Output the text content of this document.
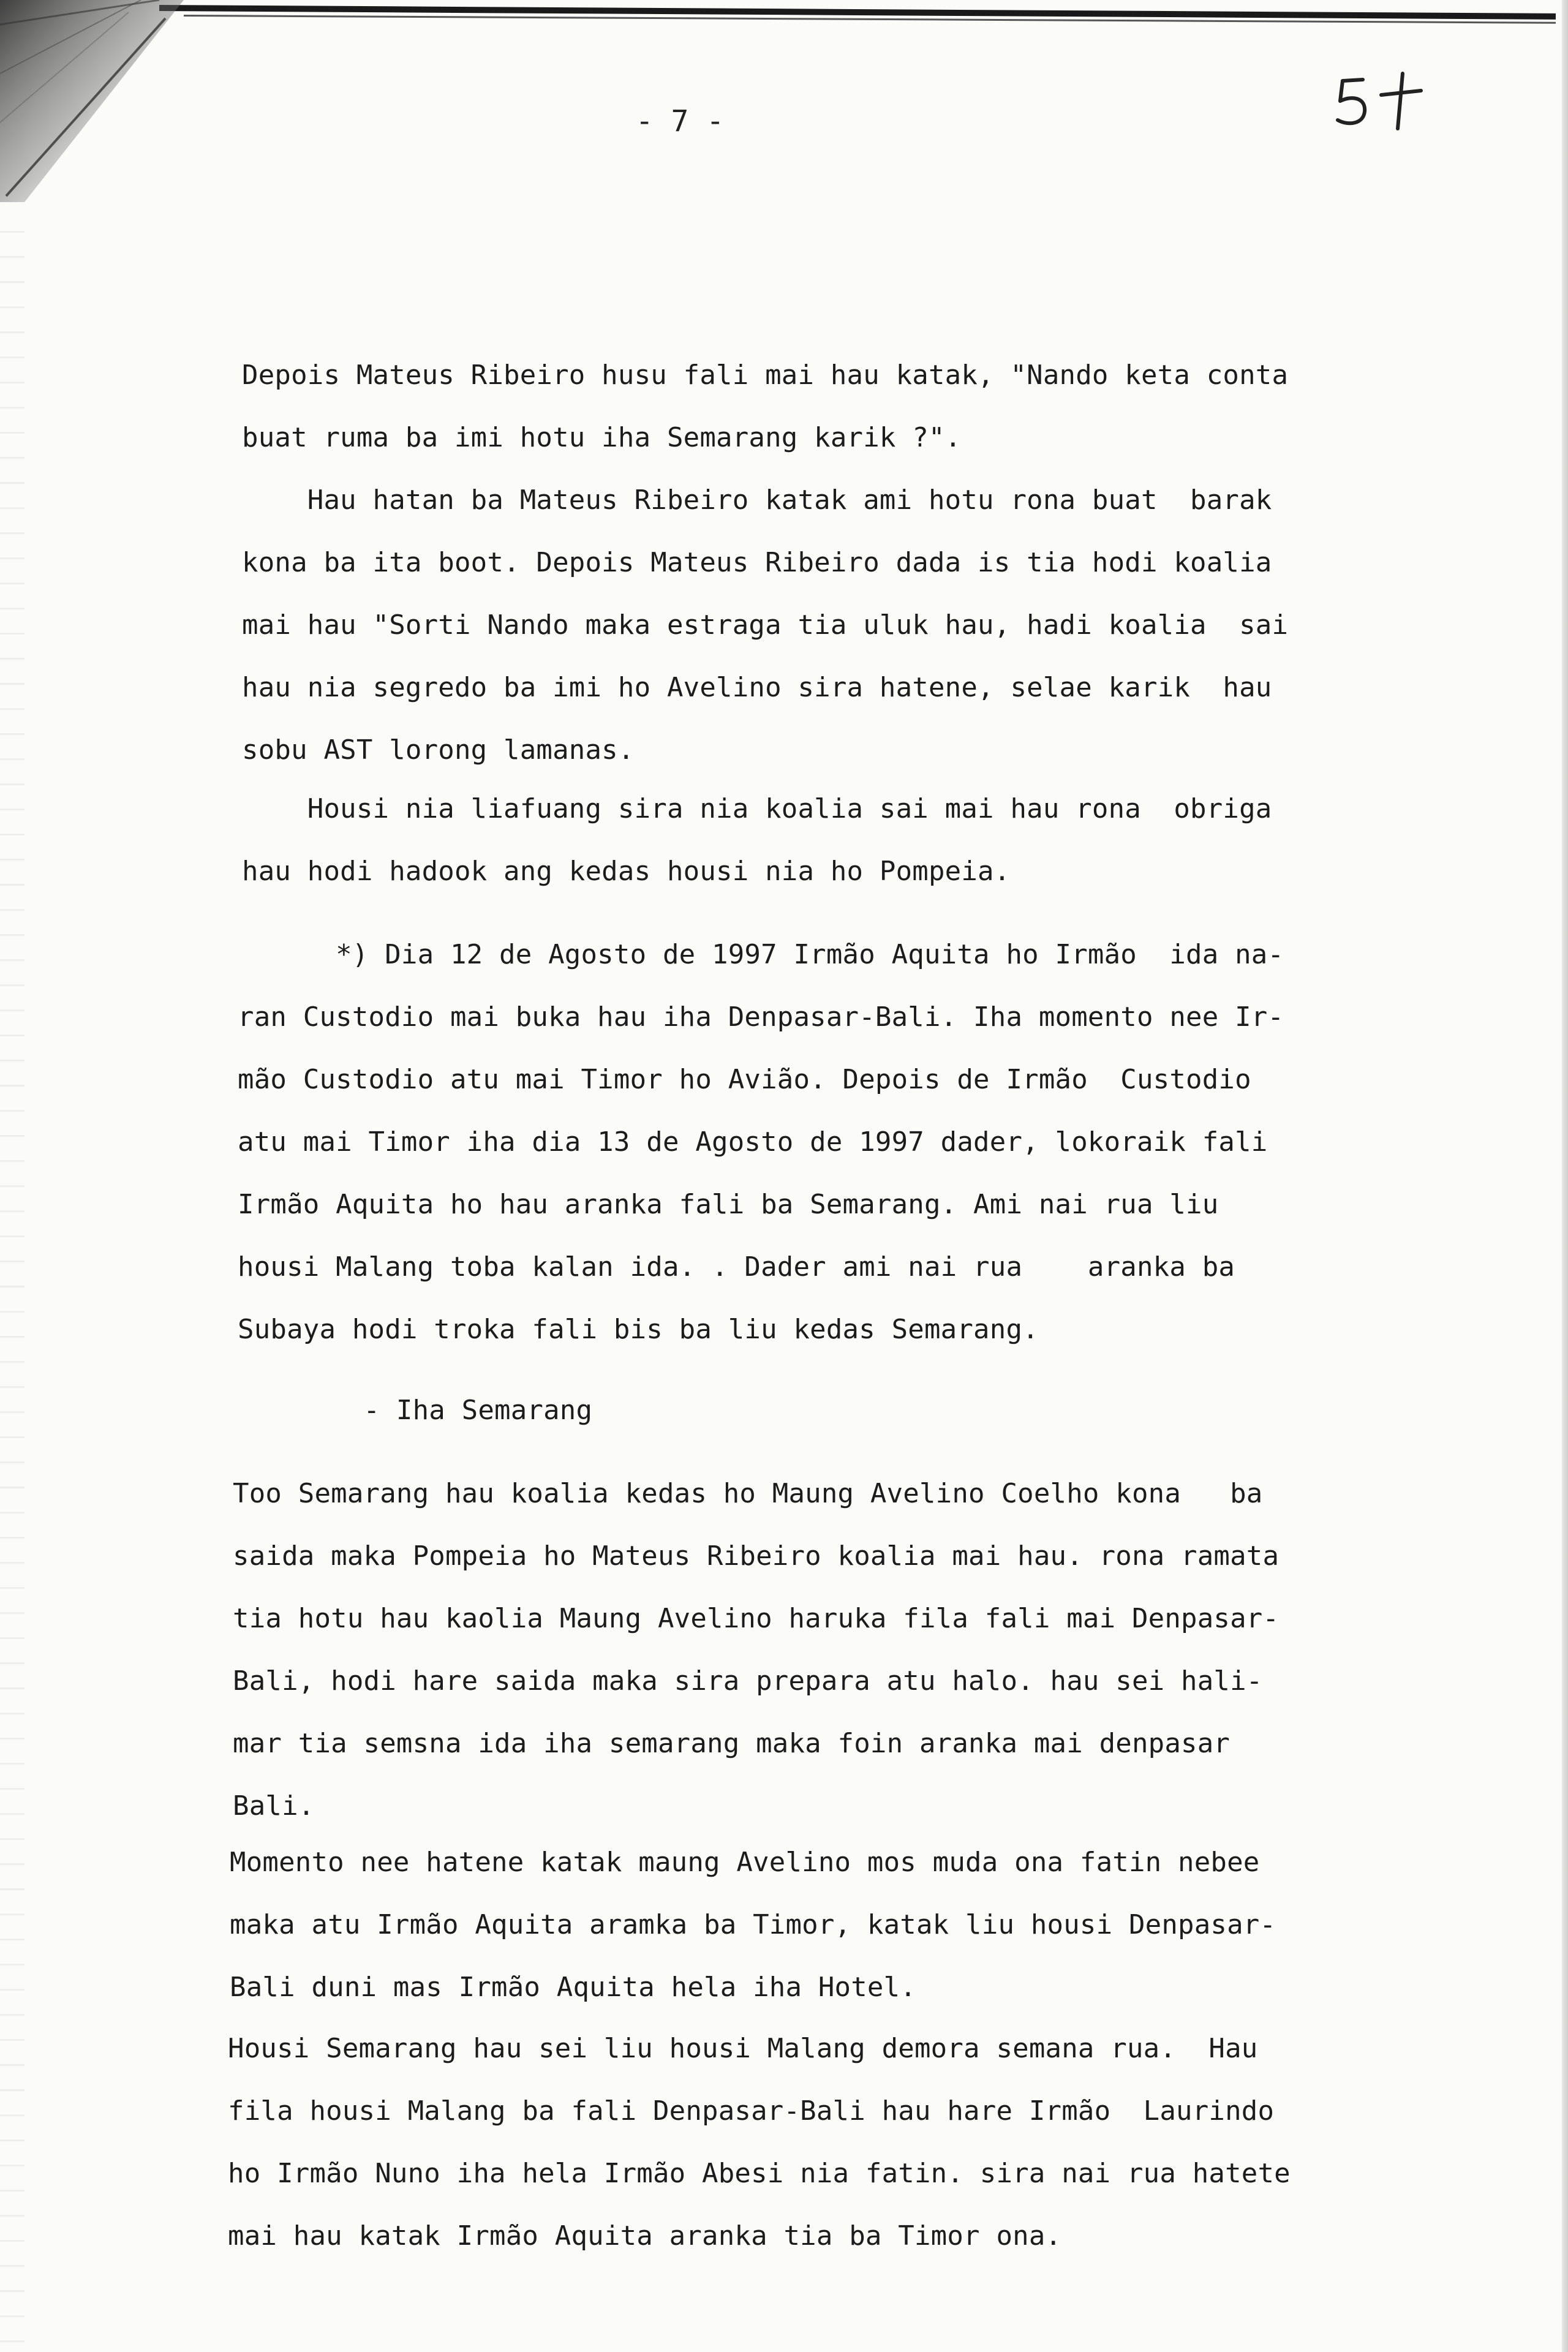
- 7 -

Depois Mateus Ribeiro husu fali mai hau katak, "Nando keta conta
buat ruma ba imi hotu iha Semarang karik ?".

Hau hatan ba Mateus Ribeiro katak ami hotu rona buat  barak
kona ba ita boot. Depois Mateus Ribeiro dada is tia hodi koalia
mai hau "Sorti Nando maka estraga tia uluk hau, hadi koalia  sai
hau nia segredo ba imi ho Avelino sira hatene, selae karik  hau
sobu AST lorong lamanas.

Housi nia liafuang sira nia koalia sai mai hau rona  obriga
hau hodi hadook ang kedas housi nia ho Pompeia.

*) Dia 12 de Agosto de 1997 Irmão Aquita ho Irmão  ida na-
ran Custodio mai buka hau iha Denpasar-Bali. Iha momento nee Ir-
mão Custodio atu mai Timor ho Avião. Depois de Irmão  Custodio
atu mai Timor iha dia 13 de Agosto de 1997 dader, lokoraik fali
Irmão Aquita ho hau aranka fali ba Semarang. Ami nai rua liu
housi Malang toba kalan ida. . Dader ami nai rua    aranka ba
Subaya hodi troka fali bis ba liu kedas Semarang.

- Iha Semarang

Too Semarang hau koalia kedas ho Maung Avelino Coelho kona   ba
saida maka Pompeia ho Mateus Ribeiro koalia mai hau. rona ramata
tia hotu hau kaolia Maung Avelino haruka fila fali mai Denpasar-
Bali, hodi hare saida maka sira prepara atu halo. hau sei hali-
mar tia semsna ida iha semarang maka foin aranka mai denpasar
Bali.

Momento nee hatene katak maung Avelino mos muda ona fatin nebee
maka atu Irmão Aquita aramka ba Timor, katak liu housi Denpasar-
Bali duni mas Irmão Aquita hela iha Hotel.

Housi Semarang hau sei liu housi Malang demora semana rua.  Hau
fila housi Malang ba fali Denpasar-Bali hau hare Irmão  Laurindo
ho Irmão Nuno iha hela Irmão Abesi nia fatin. sira nai rua hatete
mai hau katak Irmão Aquita aranka tia ba Timor ona.
